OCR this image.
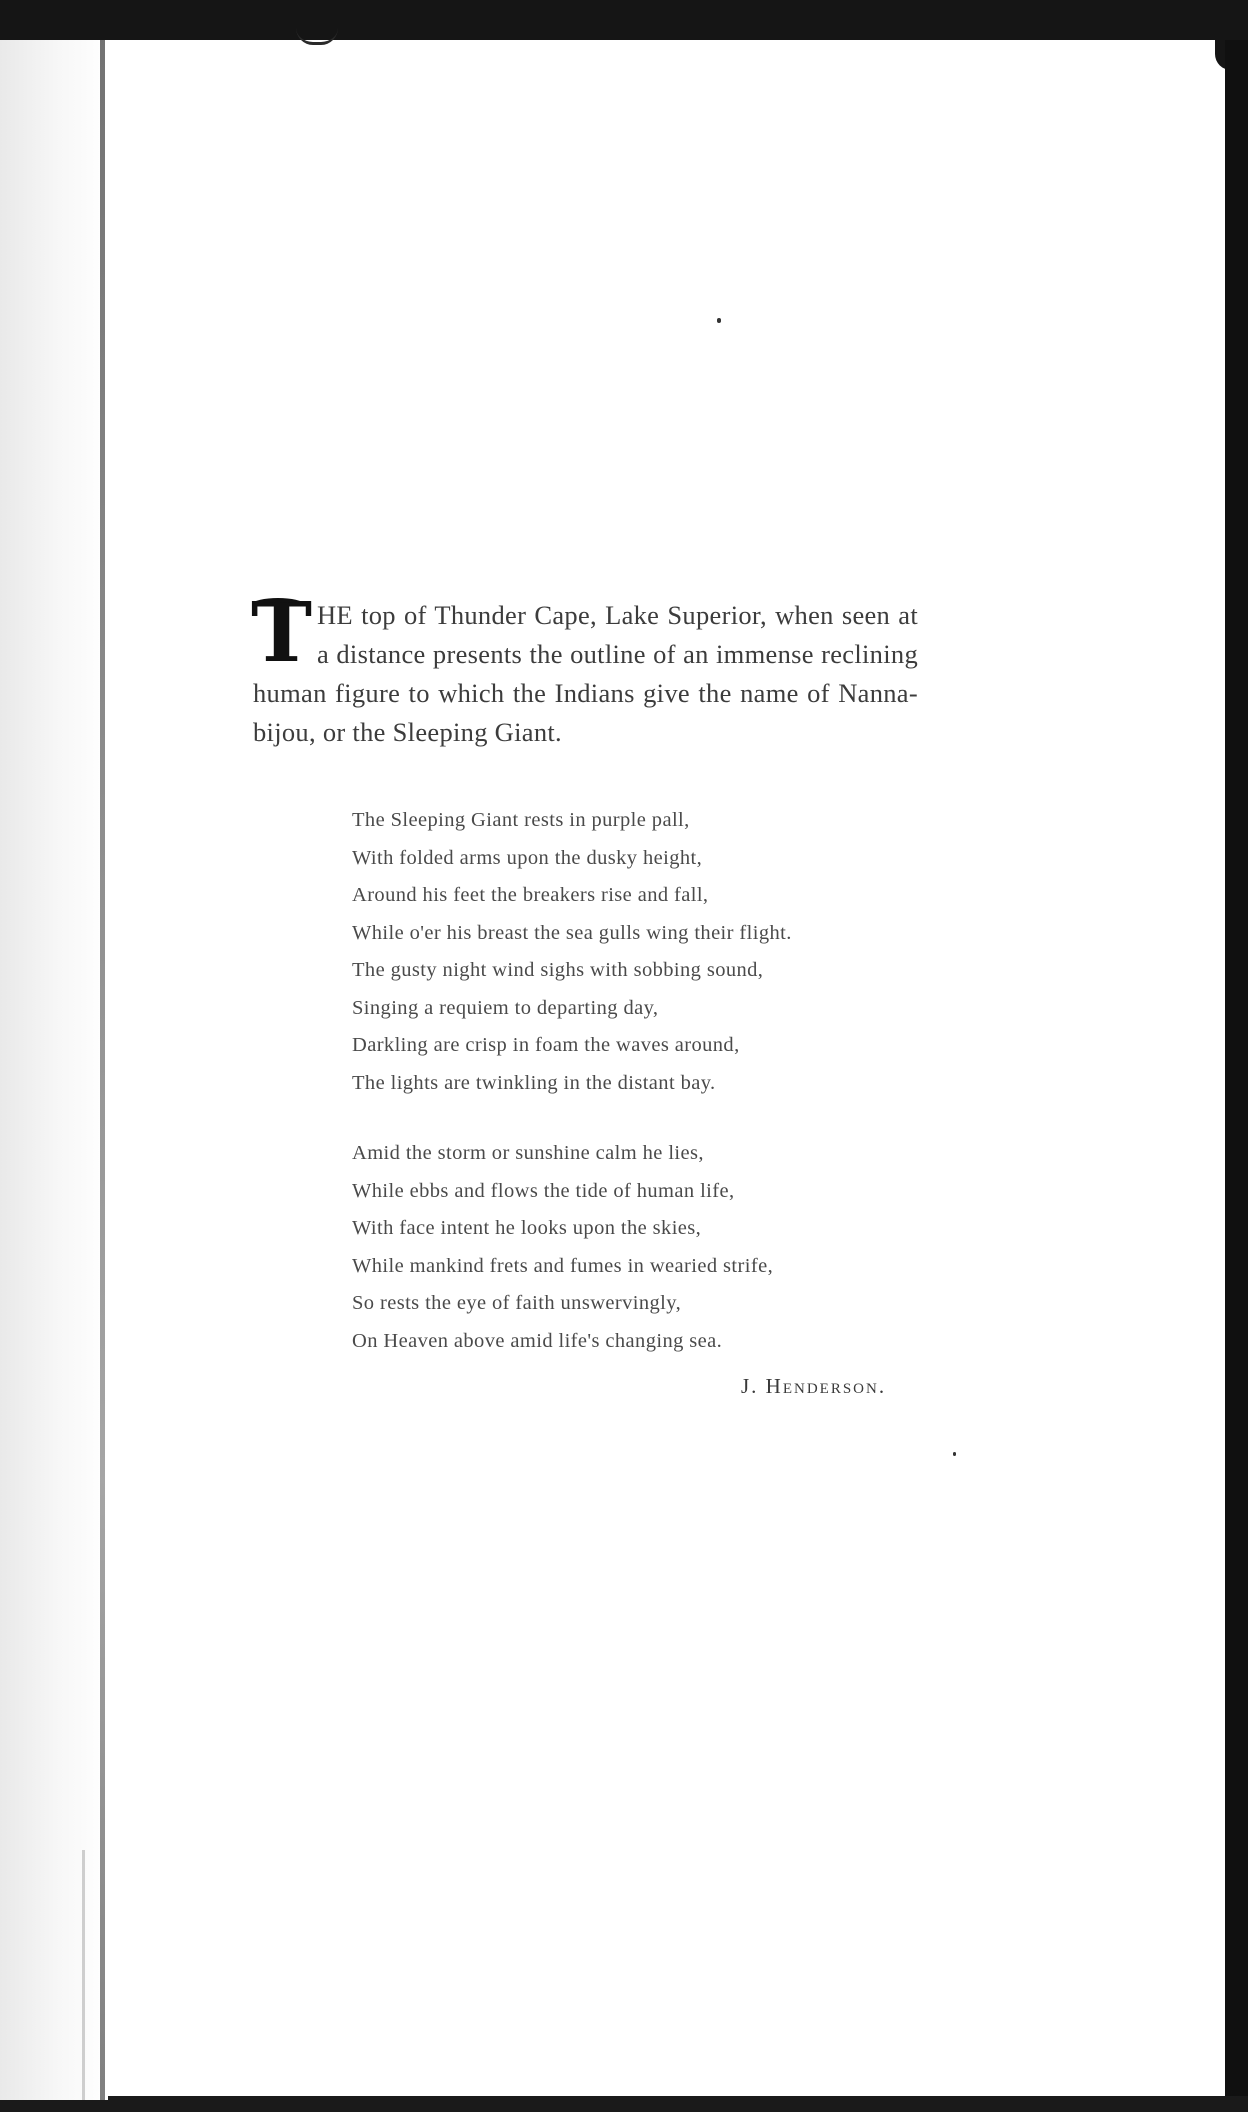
T HE top of Thunder Cape, Lake Superior, when seen at a distance presents the outline of an immense reclining human figure to which the Indians give the name of Nanna-bijou, or the Sleeping Giant.
The Sleeping Giant rests in purple pall,
With folded arms upon the dusky height,
Around his feet the breakers rise and fall,
While o'er his breast the sea gulls wing their flight.
The gusty night wind sighs with sobbing sound,
Singing a requiem to departing day,
Darkling are crisp in foam the waves around,
The lights are twinkling in the distant bay.
Amid the storm or sunshine calm he lies,
While ebbs and flows the tide of human life,
With face intent he looks upon the skies,
While mankind frets and fumes in wearied strife,
So rests the eye of faith unswervingly,
On Heaven above amid life's changing sea.
J. Henderson.
